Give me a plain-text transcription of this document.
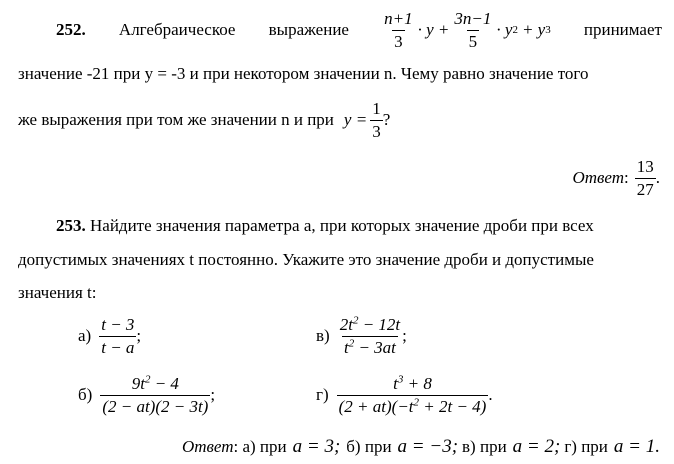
252. Алгебраическое выражение $\frac{n+1}{3} \cdot y + \frac{3n-1}{5} \cdot y$ 2 + y 3 принимает
значение -21 при y = -3 и при некотором значении n. Чему равно значение того
же выражения при том же значении n и при $y = \frac{1}{3}$ ?
Ответ : $\frac{13}{27}$ .
253. Найдите значения параметра a, при которых значение дроби при всех
допустимых значениях t постоянно. Укажите это значение дроби и допустимые
значения t:
$а) \frac{t - 3}{t - a}$ ;	$в) \frac{2t^2 - 12t}{t^2 - 3at}$ ;
$б) \frac{9t^2 - 4}{(2 - at)(2 - 3t)}$ ;	$г) \frac{t^3 + 8}{(2 + at)(-t^2 + 2t - 4)}$ .
Ответ : а) при a = 3; б) при a = −3; в) при a = 2; г) при a = 1.
